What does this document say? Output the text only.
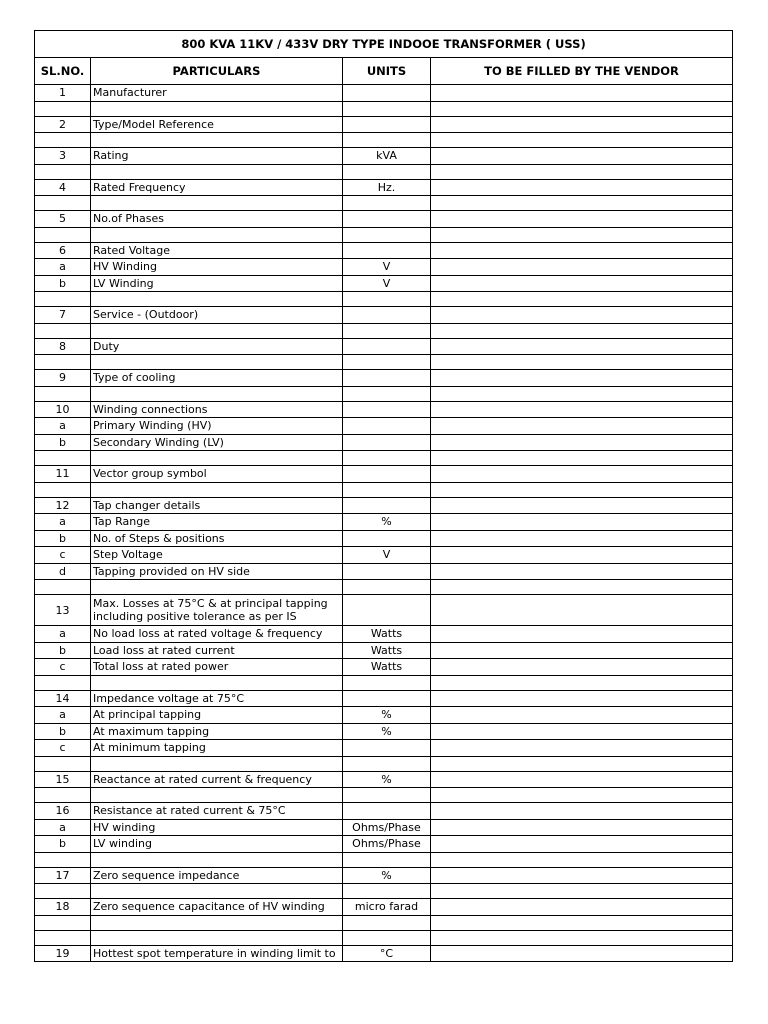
800 KVA 11KV / 433V DRY TYPE INDOOE TRANSFORMER ( USS)			
SL.NO.	PARTICULARS	UNITS	TO BE FILLED BY THE VENDOR
1	Manufacturer		

2	Type/Model Reference		

3	Rating	kVA	

4	Rated Frequency	Hz.	

5	No.of Phases		

6	Rated Voltage		
a	HV Winding	V	
b	LV Winding	V	

7	Service - (Outdoor)		

8	Duty		

9	Type of cooling		

10	Winding connections		
a	Primary Winding (HV)		
b	Secondary Winding (LV)		

11	Vector group symbol		

12	Tap changer details		
a	Tap Range	%	
b	No. of Steps & positions		
c	Step Voltage	V	
d	Tapping provided on HV side		

13	Max. Losses at 75°C & at principal tapping including positive tolerance as per IS		
a	No load loss at rated voltage & frequency	Watts	
b	Load loss at rated current	Watts	
c	Total loss at rated power	Watts	

14	Impedance voltage at 75°C		
a	At principal tapping	%	
b	At maximum tapping	%	
c	At minimum tapping		

15	Reactance at rated current & frequency	%	

16	Resistance at rated current & 75°C		
a	HV winding	Ohms/Phase	
b	LV winding	Ohms/Phase	

17	Zero sequence impedance	%	

18	Zero sequence capacitance of HV winding	micro farad	

19	Hottest spot temperature in winding limit to	°C	
